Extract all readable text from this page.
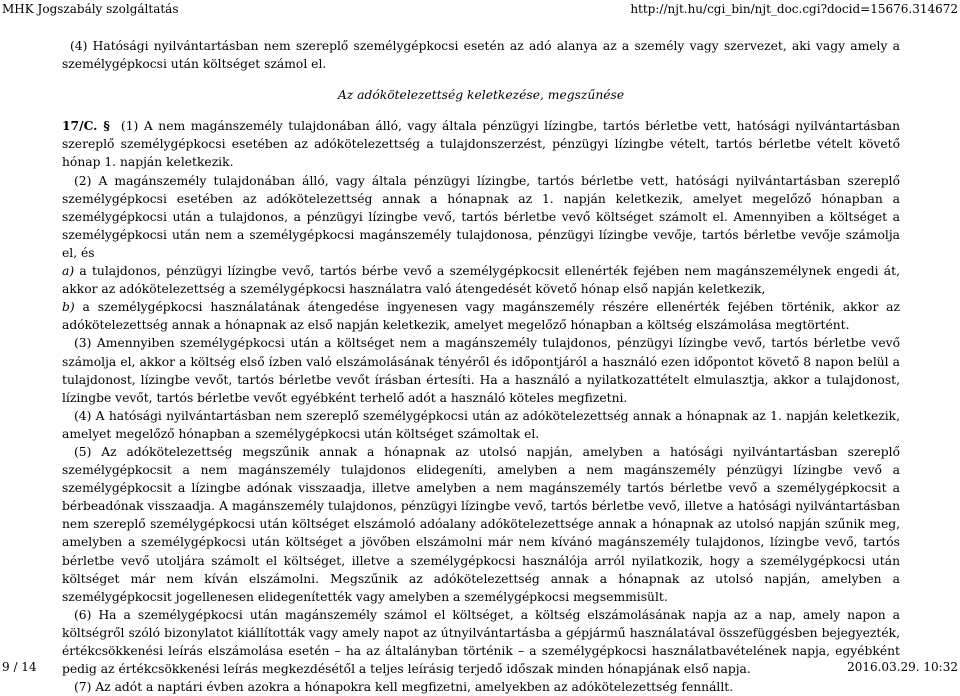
MHK Jogszabály szolgáltatás	http://njt.hu/cgi_bin/njt_doc.cgi?docid=15676.314672

(4) Hatósági nyilvántartásban nem szereplő személygépkocsi esetén az adó alanya az a személy vagy szervezet, aki vagy amely a személygépkocsi után költséget számol el.

Az adókötelezettség keletkezése, megszűnése

17/C. § (1) A nem magánszemély tulajdonában álló, vagy általa pénzügyi lízingbe, tartós bérletbe vett, hatósági nyilvántartásban szereplő személygépkocsi esetében az adókötelezettség a tulajdonszerzést, pénzügyi lízingbe vételt, tartós bérletbe vételt követő hónap 1. napján keletkezik.

(2) A magánszemély tulajdonában álló, vagy általa pénzügyi lízingbe, tartós bérletbe vett, hatósági nyilvántartásban szereplő személygépkocsi esetében az adókötelezettség annak a hónapnak az 1. napján keletkezik, amelyet megelőző hónapban a személygépkocsi után a tulajdonos, a pénzügyi lízingbe vevő, tartós bérletbe vevő költséget számolt el. Amennyiben a költséget a személygépkocsi után nem a személygépkocsi magánszemély tulajdonosa, pénzügyi lízingbe vevője, tartós bérletbe vevője számolja el, és

a) a tulajdonos, pénzügyi lízingbe vevő, tartós bérbe vevő a személygépkocsit ellenérték fejében nem magánszemélynek engedi át, akkor az adókötelezettség a személygépkocsi használatra való átengedését követő hónap első napján keletkezik,

b) a személygépkocsi használatának átengedése ingyenesen vagy magánszemély részére ellenérték fejében történik, akkor az adókötelezettség annak a hónapnak az első napján keletkezik, amelyet megelőző hónapban a költség elszámolása megtörtént.

(3) Amennyiben személygépkocsi után a költséget nem a magánszemély tulajdonos, pénzügyi lízingbe vevő, tartós bérletbe vevő számolja el, akkor a költség első ízben való elszámolásának tényéről és időpontjáról a használó ezen időpontot követő 8 napon belül a tulajdonost, lízingbe vevőt, tartós bérletbe vevőt írásban értesíti. Ha a használó a nyilatkozattételt elmulasztja, akkor a tulajdonost, lízingbe vevőt, tartós bérletbe vevőt egyébként terhelő adót a használó köteles megfizetni.

(4) A hatósági nyilvántartásban nem szereplő személygépkocsi után az adókötelezettség annak a hónapnak az 1. napján keletkezik, amelyet megelőző hónapban a személygépkocsi után költséget számoltak el.

(5) Az adókötelezettség megszűnik annak a hónapnak az utolsó napján, amelyben a hatósági nyilvántartásban szereplő személygépkocsit a nem magánszemély tulajdonos elidegeníti, amelyben a nem magánszemély pénzügyi lízingbe vevő a személygépkocsit a lízingbe adónak visszaadja, illetve amelyben a nem magánszemély tartós bérletbe vevő a személygépkocsit a bérbeadónak visszaadja. A magánszemély tulajdonos, pénzügyi lízingbe vevő, tartós bérletbe vevő, illetve a hatósági nyilvántartásban nem szereplő személygépkocsi után költséget elszámoló adóalany adókötelezettsége annak a hónapnak az utolsó napján szűnik meg, amelyben a személygépkocsi után költséget a jövőben elszámolni már nem kívánó magánszemély tulajdonos, lízingbe vevő, tartós bérletbe vevő utoljára számolt el költséget, illetve a személygépkocsi használója arról nyilatkozik, hogy a személygépkocsi után költséget már nem kíván elszámolni. Megszűnik az adókötelezettség annak a hónapnak az utolsó napján, amelyben a személygépkocsit jogellenesen elidegenítették vagy amelyben a személygépkocsi megsemmisült.

(6) Ha a személygépkocsi után magánszemély számol el költséget, a költség elszámolásának napja az a nap, amely napon a költségről szóló bizonylatot kiállították vagy amely napot az útnyilvántartásba a gépjármű használatával összefüggésben bejegyezték, értékcsökkenési leírás elszámolása esetén – ha az általányban történik – a személygépkocsi használatbavételének napja, egyébként pedig az értékcsökkenési leírás megkezdésétől a teljes leírásig terjedő időszak minden hónapjának első napja.

(7) Az adót a naptári évben azokra a hónapokra kell megfizetni, amelyekben az adókötelezettség fennállt.

9 / 14	2016.03.29. 10:32
